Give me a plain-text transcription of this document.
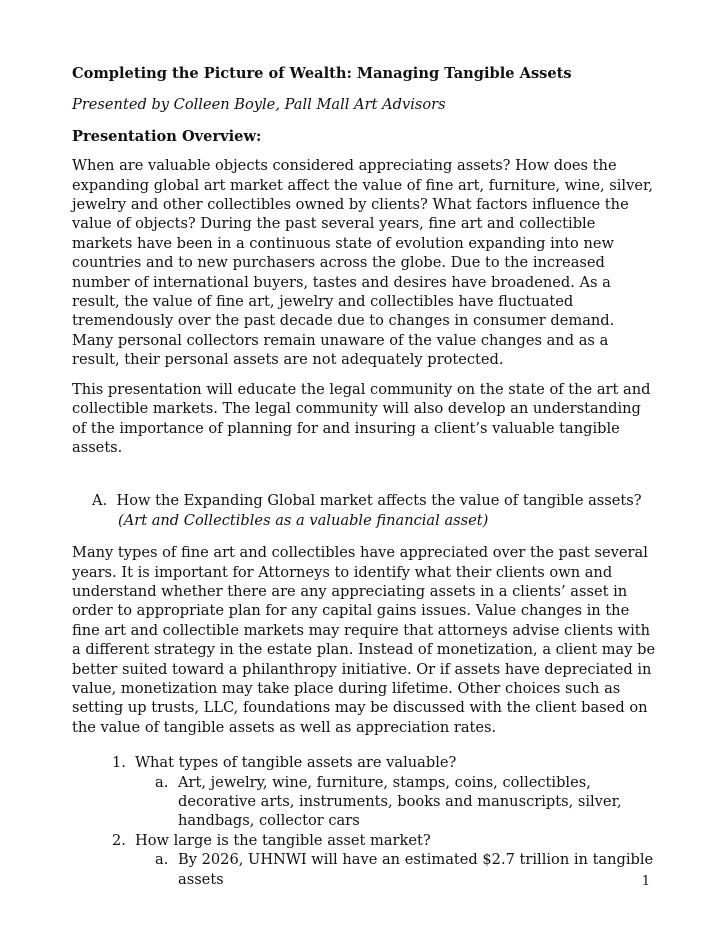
Completing the Picture of Wealth: Managing Tangible Assets
Presented by Colleen Boyle, Pall Mall Art Advisors
Presentation Overview:

When are valuable objects considered appreciating assets? How does the expanding global art market affect the value of fine art, furniture, wine, silver, jewelry and other collectibles owned by clients? What factors influence the value of objects? During the past several years, fine art and collectible markets have been in a continuous state of evolution expanding into new countries and to new purchasers across the globe. Due to the increased number of international buyers, tastes and desires have broadened. As a result, the value of fine art, jewelry and collectibles have fluctuated tremendously over the past decade due to changes in consumer demand. Many personal collectors remain unaware of the value changes and as a result, their personal assets are not adequately protected.

This presentation will educate the legal community on the state of the art and collectible markets. The legal community will also develop an understanding of the importance of planning for and insuring a client’s valuable tangible assets.

A. How the Expanding Global market affects the value of tangible assets?
(Art and Collectibles as a valuable financial asset)

Many types of fine art and collectibles have appreciated over the past several years. It is important for Attorneys to identify what their clients own and understand whether there are any appreciating assets in a clients’ asset in order to appropriate plan for any capital gains issues. Value changes in the fine art and collectible markets may require that attorneys advise clients with a different strategy in the estate plan. Instead of monetization, a client may be better suited toward a philanthropy initiative. Or if assets have depreciated in value, monetization may take place during lifetime. Other choices such as setting up trusts, LLC, foundations may be discussed with the client based on the value of tangible assets as well as appreciation rates.

1. What types of tangible assets are valuable?
a. Art, jewelry, wine, furniture, stamps, coins, collectibles, decorative arts, instruments, books and manuscripts, silver, handbags, collector cars
2. How large is the tangible asset market?
a. By 2026, UHNWI will have an estimated $2.7 trillion in tangible assets	1
